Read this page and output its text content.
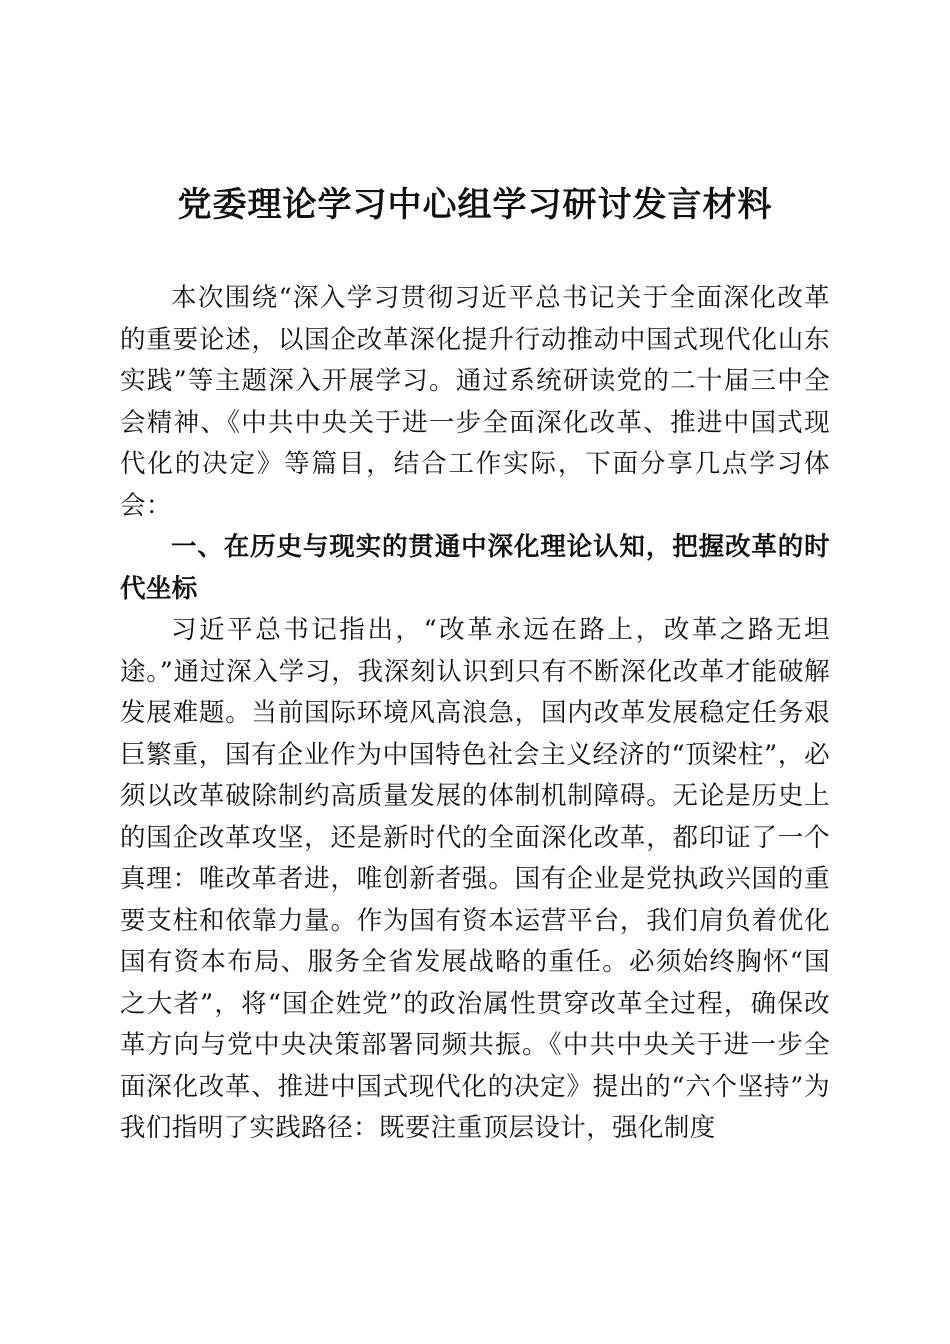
党委理论学习中心组学习研讨发言材料

本次围绕“深入学习贯彻习近平总书记关于全面深化改革的重要论述，以国企改革深化提升行动推动中国式现代化山东实践”等主题深入开展学习。通过系统研读党的二十届三中全会精神、《中共中央关于进一步全面深化改革、推进中国式现代化的决定》等篇目，结合工作实际，下面分享几点学习体会：

一、在历史与现实的贯通中深化理论认知，把握改革的时代坐标

习近平总书记指出，“改革永远在路上，改革之路无坦途。”通过深入学习，我深刻认识到只有不断深化改革才能破解发展难题。当前国际环境风高浪急，国内改革发展稳定任务艰巨繁重，国有企业作为中国特色社会主义经济的“顶梁柱”，必须以改革破除制约高质量发展的体制机制障碍。无论是历史上的国企改革攻坚，还是新时代的全面深化改革，都印证了一个真理：唯改革者进，唯创新者强。国有企业是党执政兴国的重要支柱和依靠力量。作为国有资本运营平台，我们肩负着优化国有资本布局、服务全省发展战略的重任。必须始终胸怀“国之大者”，将“国企姓党”的政治属性贯穿改革全过程，确保改革方向与党中央决策部署同频共振。《中共中央关于进一步全面深化改革、推进中国式现代化的决定》提出的“六个坚持”为我们指明了实践路径：既要注重顶层设计，强化制度
